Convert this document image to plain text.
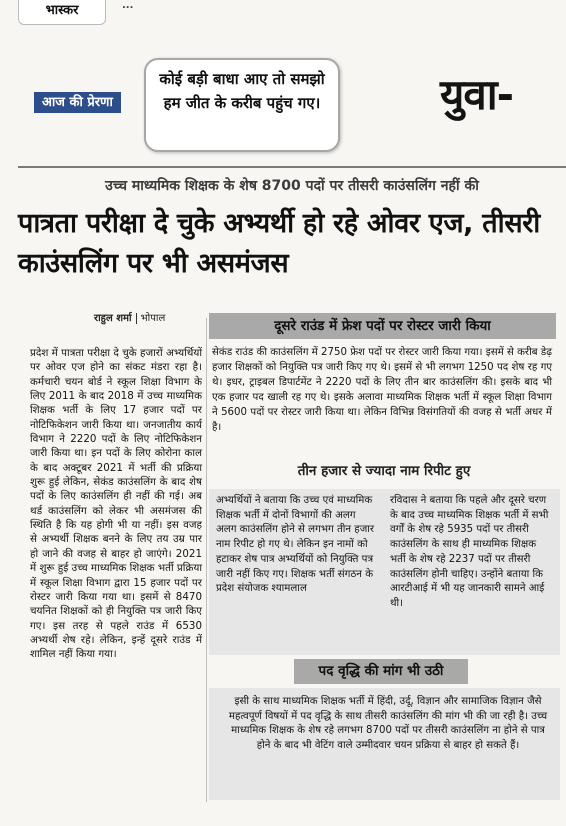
भास्कर	...
आज की प्रेरणा
कोई बड़ी बाधा आए तो समझो हम जीत के करीब पहुंच गए।	युवा-
उच्च माध्यमिक शिक्षक के शेष 8700 पदों पर तीसरी काउंसलिंग नहीं की
पात्रता परीक्षा दे चुके अभ्यर्थी हो रहे ओवर एज, तीसरी काउंसलिंग पर भी असमंजस
राहुल शर्मा भोपाल
प्रदेश में पात्रता परीक्षा दे चुके हजारों अभ्यर्थियों पर ओवर एज होने का संकट मंडरा रहा है। कर्मचारी चयन बोर्ड ने स्कूल शिक्षा विभाग के लिए 2011 के बाद 2018 में उच्च माध्यमिक शिक्षक भर्ती के लिए 17 हजार पदों पर नोटिफिकेशन जारी किया था। जनजातीय कार्य विभाग ने 2220 पदों के लिए नोटिफिकेशन जारी किया था। इन पदों के लिए कोरोना काल के बाद अक्टूबर 2021 में भर्ती की प्रक्रिया शुरू हुई लेकिन, सेकंड काउंसलिंग के बाद शेष पदों के लिए काउंसलिंग ही नहीं की गई। अब थर्ड काउंसलिंग को लेकर भी असमंजस की स्थिति है कि यह होगी भी या नहीं। इस वजह से अभ्यर्थी शिक्षक बनने के लिए तय उम्र पार हो जाने की वजह से बाहर हो जाएंगे। 2021 में शुरू हुई उच्च माध्यमिक शिक्षक भर्ती प्रक्रिया में स्कूल शिक्षा विभाग द्वारा 15 हजार पदों पर रोस्टर जारी किया गया था। इसमें से 8470 चयनित शिक्षकों को ही नियुक्ति पत्र जारी किए गए। इस तरह से पहले राउंड में 6530 अभ्यर्थी शेष रहे। लेकिन, इन्हें दूसरे राउंड में शामिल नहीं किया गया।
दूसरे राउंड में फ्रेश पदों पर रोस्टर जारी किया
सेकंड राउंड की काउंसलिंग में 2750 फ्रेश पदों पर रोस्टर जारी किया गया। इसमें से करीब डेढ़ हजार शिक्षकों को नियुक्ति पत्र जारी किए गए थे। इसमें से भी लगभग 1250 पद शेष रह गए थे। इधर, ट्राइबल डिपार्टमेंट ने 2220 पदों के लिए तीन बार काउंसलिंग की। इसके बाद भी एक हजार पद खाली रह गए थे। इसके अलावा माध्यमिक शिक्षक भर्ती में स्कूल शिक्षा विभाग ने 5600 पदों पर रोस्टर जारी किया था। लेकिन विभिन्न विसंगतियों की वजह से भर्ती अधर में है।
तीन हजार से ज्यादा नाम रिपीट हुए
अभ्यर्थियों ने बताया कि उच्च एवं माध्यमिक शिक्षक भर्ती में दोनों विभागों की अलग अलग काउंसलिंग होने से लगभग तीन हजार नाम रिपीट हो गए थे। लेकिन इन नामों को हटाकर शेष पात्र अभ्यर्थियों को नियुक्ति पत्र जारी नहीं किए गए। शिक्षक भर्ती संगठन के प्रदेश संयोजक श्यामलाल
रविदास ने बताया कि पहले और दूसरे चरण के बाद उच्च माध्यमिक शिक्षक भर्ती में सभी वर्गों के शेष रहे 5935 पदों पर तीसरी काउंसलिंग के साथ ही माध्यमिक शिक्षक भर्ती के शेष रहे 2237 पदों पर तीसरी काउंसलिंग होनी चाहिए। उन्होंने बताया कि आरटीआई में भी यह जानकारी सामने आई थी।
पद वृद्धि की मांग भी उठी
इसी के साथ माध्यमिक शिक्षक भर्ती में हिंदी, उर्दू, विज्ञान और सामाजिक विज्ञान जैसे महत्वपूर्ण विषयों में पद वृद्धि के साथ तीसरी काउंसलिंग की मांग भी की जा रही है। उच्च माध्यमिक शिक्षक के शेष रहे लगभग 8700 पदों पर तीसरी काउंसलिंग ना होने से पात्र होने के बाद भी वेटिंग वाले उम्मीदवार चयन प्रक्रिया से बाहर हो सकते हैं।
